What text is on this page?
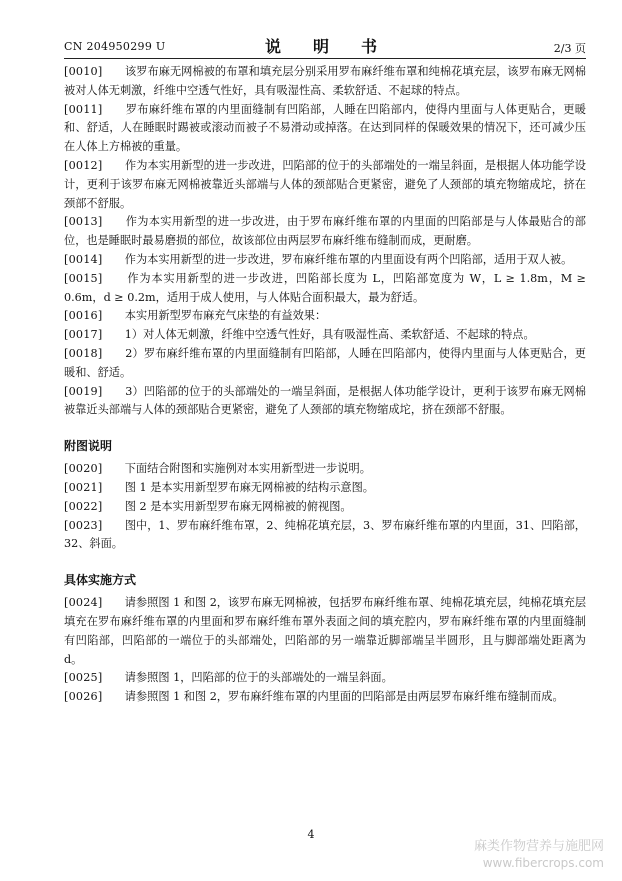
CN 204950299 U	说　明　书	2/3 页

[0010]　　该罗布麻无网棉被的布罩和填充层分别采用罗布麻纤维布罩和纯棉花填充层，该罗布麻无网棉被对人体无刺激，纤维中空透气性好，具有吸湿性高、柔软舒适、不起球的特点。

[0011]　　罗布麻纤维布罩的内里面缝制有凹陷部，人睡在凹陷部内，使得内里面与人体更贴合，更暖和、舒适，人在睡眠时踢被或滚动而被子不易滑动或掉落。在达到同样的保暖效果的情况下，还可减少压在人体上方棉被的重量。

[0012]　　作为本实用新型的进一步改进，凹陷部的位于的头部端处的一端呈斜面，是根据人体功能学设计，更利于该罗布麻无网棉被靠近头部端与人体的颈部贴合更紧密，避免了人颈部的填充物缩成坨，挤在颈部不舒服。

[0013]　　作为本实用新型的进一步改进，由于罗布麻纤维布罩的内里面的凹陷部是与人体最贴合的部位，也是睡眠时最易磨损的部位，故该部位由两层罗布麻纤维布缝制而成，更耐磨。

[0014]　　作为本实用新型的进一步改进，罗布麻纤维布罩的内里面设有两个凹陷部，适用于双人被。

[0015]　　作为本实用新型的进一步改进，凹陷部长度为 L，凹陷部宽度为 W，L ≥ 1.8m，M ≥ 0.6m，d ≥ 0.2m，适用于成人使用，与人体贴合面积最大，最为舒适。

[0016]　　本实用新型罗布麻充气床垫的有益效果：

[0017]　　1）对人体无刺激，纤维中空透气性好，具有吸湿性高、柔软舒适、不起球的特点。

[0018]　　2）罗布麻纤维布罩的内里面缝制有凹陷部，人睡在凹陷部内，使得内里面与人体更贴合，更暖和、舒适。

[0019]　　3）凹陷部的位于的头部端处的一端呈斜面，是根据人体功能学设计，更利于该罗布麻无网棉被靠近头部端与人体的颈部贴合更紧密，避免了人颈部的填充物缩成坨，挤在颈部不舒服。

附图说明

[0020]　　下面结合附图和实施例对本实用新型进一步说明。

[0021]　　图 1 是本实用新型罗布麻无网棉被的结构示意图。

[0022]　　图 2 是本实用新型罗布麻无网棉被的俯视图。

[0023]　　图中，1、罗布麻纤维布罩，2、纯棉花填充层，3、罗布麻纤维布罩的内里面，31、凹陷部，32、斜面。

具体实施方式

[0024]　　请参照图 1 和图 2，该罗布麻无网棉被，包括罗布麻纤维布罩、纯棉花填充层，纯棉花填充层填充在罗布麻纤维布罩的内里面和罗布麻纤维布罩外表面之间的填充腔内，罗布麻纤维布罩的内里面缝制有凹陷部，凹陷部的一端位于的头部端处，凹陷部的另一端靠近脚部端呈半圆形，且与脚部端处距离为 d。

[0025]　　请参照图 1，凹陷部的位于的头部端处的一端呈斜面。

[0026]　　请参照图 1 和图 2，罗布麻纤维布罩的内里面的凹陷部是由两层罗布麻纤维布缝制而成。

4
麻类作物营养与施肥网
www.fibercrops.com
